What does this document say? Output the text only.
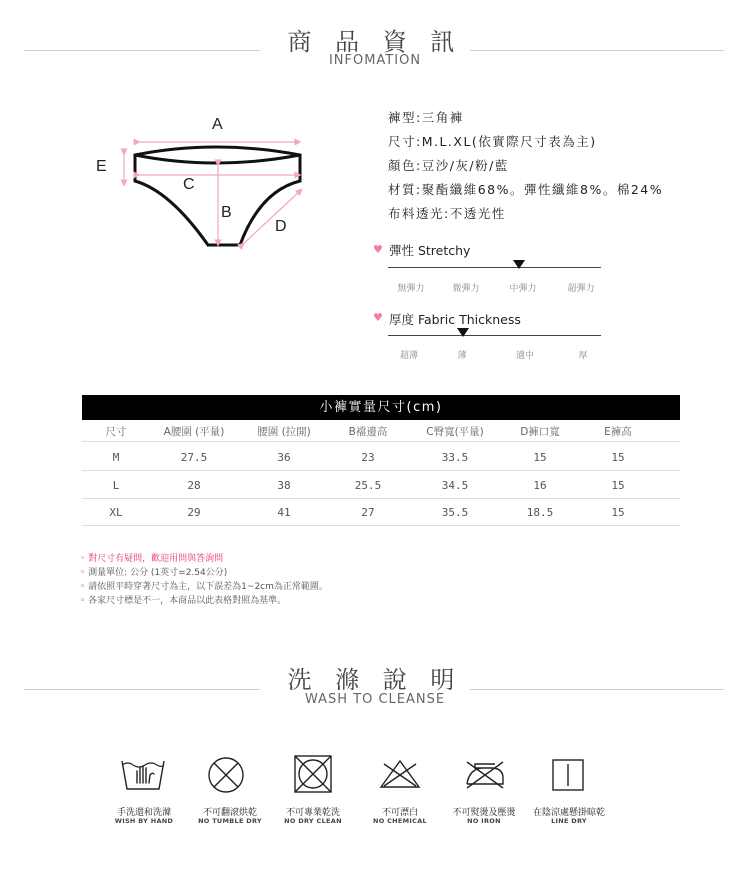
商 品 資 訊
INFOMATION
A
E
C
B
D
褲型:三角褲
尺寸:M.L.XL(依實際尺寸表為主)
顏色:豆沙/灰/粉/藍
材質:聚酯纖維68%。彈性纖維8%。棉24%
布料透光:不透光性
♥ 彈性 Stretchy
無彈力	微彈力	中彈力	超彈力
♥ 厚度 Fabric Thickness
超薄	薄	適中	厚
小褲實量尺寸(cm)
尺寸	A腰圍 (平量)	腰圍 (拉開)	B襠邊高	C臀寬(平量)	D褲口寬	E褲高
M	27.5	36	23	33.5	15	15
L	28	38	25.5	34.5	16	15
XL	29	41	27	35.5	18.5	15
◦ 對尺寸有疑問，歡迎用問與答詢問
◦ 測量單位: 公分 (1英寸=2.54公分)
◦ 請依照平時穿著尺寸為主，以下誤差為1~2cm為正常範圍。
◦ 各家尺寸標是不一，本商品以此表格對照為基準。
洗 滌 說 明
WASH TO CLEANSE
手洗還和洗滌
WISH BY HAND
不可翻滾烘乾
NO TUMBLE DRY
不可專業乾洗
NO DRY CLEAN
不可漂白
NO CHEMICAL
不可熨燙及壓燙
NO IRON
在陰涼處懸掛晾乾
LINE DRY
